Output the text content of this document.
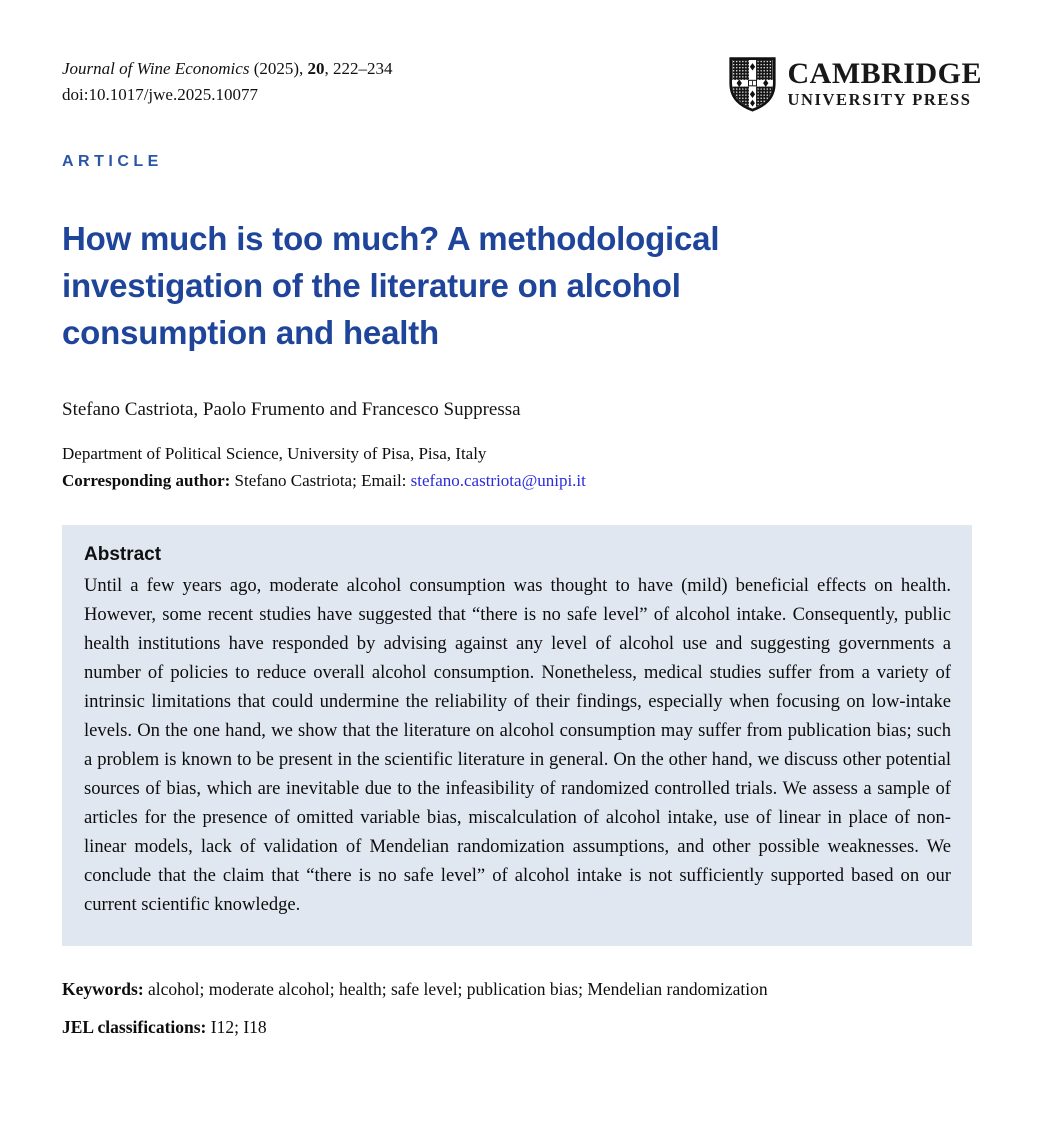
Journal of Wine Economics (2025), 20, 222–234
doi:10.1017/jwe.2025.10077
CAMBRIDGE
UNIVERSITY PRESS
ARTICLE
How much is too much? A methodological
investigation of the literature on alcohol
consumption and health
Stefano Castriota, Paolo Frumento and Francesco Suppressa
Department of Political Science, University of Pisa, Pisa, Italy
Corresponding author: Stefano Castriota; Email: stefano.castriota@unipi.it
Abstract

Until a few years ago, moderate alcohol consumption was thought to have (mild) beneficial effects on health. However, some recent studies have suggested that “there is no safe level” of alcohol intake. Consequently, public health institutions have responded by advising against any level of alcohol use and suggesting governments a number of policies to reduce overall alcohol consumption. Nonetheless, medical studies suffer from a variety of intrinsic limitations that could undermine the reliability of their findings, especially when focusing on low-intake levels. On the one hand, we show that the literature on alcohol consumption may suffer from publication bias; such a problem is known to be present in the scientific literature in general. On the other hand, we discuss other potential sources of bias, which are inevitable due to the infeasibility of randomized controlled trials. We assess a sample of articles for the presence of omitted variable bias, miscalculation of alcohol intake, use of linear in place of non-linear models, lack of validation of Mendelian randomization assumptions, and other possible weaknesses. We conclude that the claim that “there is no safe level” of alcohol intake is not sufficiently supported based on our current scientific knowledge.

Keywords: alcohol; moderate alcohol; health; safe level; publication bias; Mendelian randomization
JEL classifications: I12; I18
